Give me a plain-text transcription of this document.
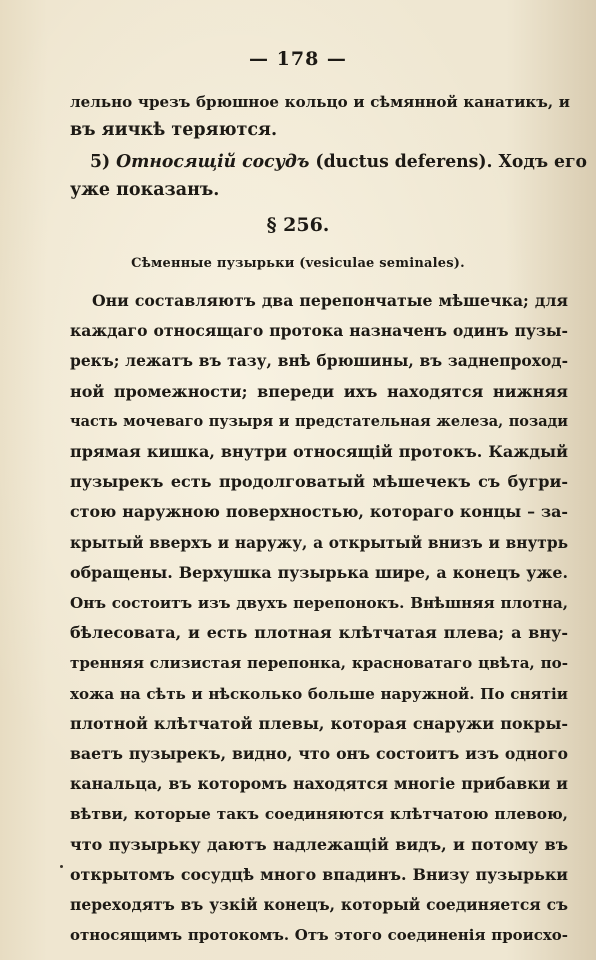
— 178 —
лельно чрезъ брюшное кольцо и сѣмянной канатикъ, и
въ яичкѣ теряются.
5) Относящій сосудъ (ductus deferens). Ходъ его
уже показанъ.
§ 256.
Сѣменные пузырьки (vesiculae seminales).
Они составляютъ два перепончатые мѣшечка; для
каждаго относящаго протока назначенъ одинъ пузы-
рекъ; лежатъ въ тазу, внѣ брюшины, въ заднепроход-
ной промежности; впереди ихъ находятся нижняя
часть мочеваго пузыря и предстательная железа, позади
прямая кишка, внутри относящій протокъ. Каждый
пузырекъ есть продолговатый мѣшечекъ съ бугри-
стою наружною поверхностью, котораго концы – за-
крытый вверхъ и наружу, а открытый внизъ и внутрь
обращены. Верхушка пузырька шире, а конецъ уже.
Онъ состоитъ изъ двухъ перепонокъ. Внѣшняя плотна,
бѣлесовата, и есть плотная клѣтчатая плева; а вну-
тренняя слизистая перепонка, красноватаго цвѣта, по-
хожа на сѣть и нѣсколько больше наружной. По снятіи
плотной клѣтчатой плевы, которая снаружи покры-
ваетъ пузырекъ, видно, что онъ состоитъ изъ одного
канальца, въ которомъ находятся многіе прибавки и
вѣтви, которые такъ соединяются клѣтчатою плевою,
что пузырьку даютъ надлежащій видъ, и потому въ
открытомъ сосудцѣ много впадинъ. Внизу пузырьки
переходятъ въ узкій конецъ, который соединяется съ
относящимъ протокомъ. Отъ этого соединенія происхо-
